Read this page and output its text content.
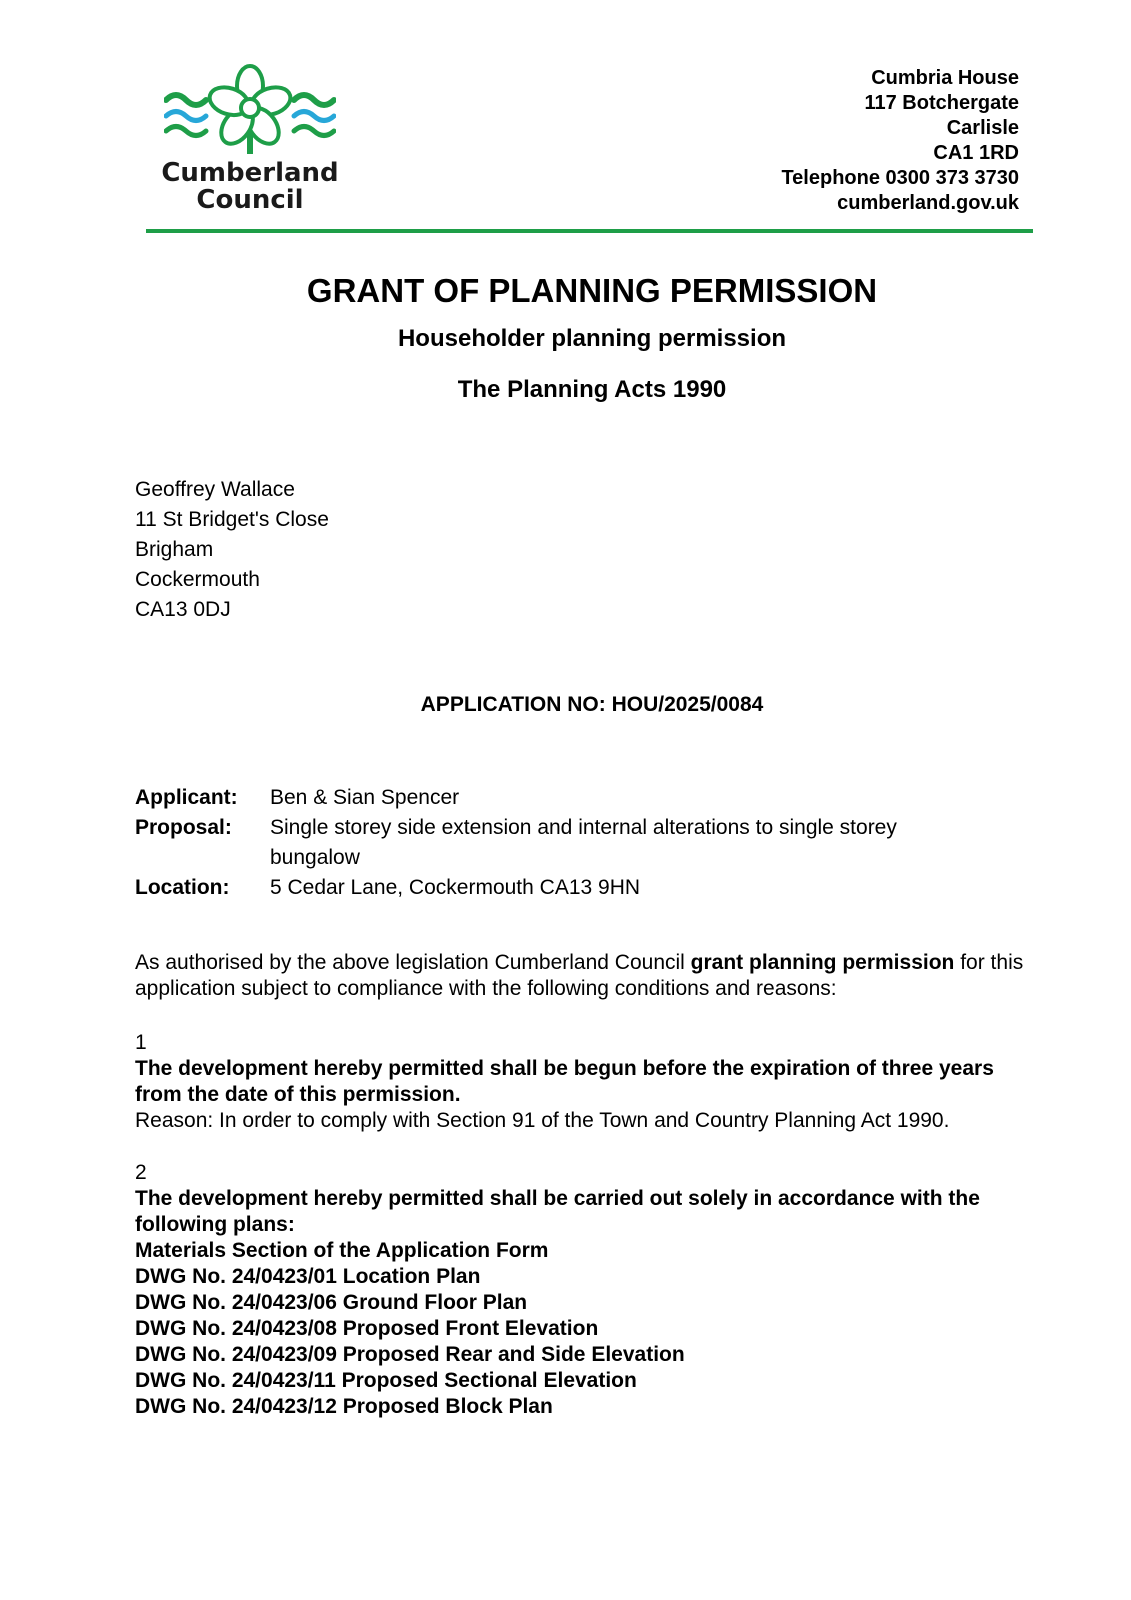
Cumberland
Council
Cumbria House
117 Botchergate
Carlisle
CA1 1RD
Telephone 0300 373 3730
cumberland.gov.uk
GRANT OF PLANNING PERMISSION
Householder planning permission
The Planning Acts 1990
Geoffrey Wallace
11 St Bridget's Close
Brigham
Cockermouth
CA13 0DJ
APPLICATION NO: HOU/2025/0084
Applicant:	Ben & Sian Spencer
Proposal:	Single storey side extension and internal alterations to single storey bungalow
Location:	5 Cedar Lane, Cockermouth CA13 9HN
As authorised by the above legislation Cumberland Council grant planning permission for this application subject to compliance with the following conditions and reasons:
1
The development hereby permitted shall be begun before the expiration of three years from the date of this permission.
Reason: In order to comply with Section 91 of the Town and Country Planning Act 1990.
2
The development hereby permitted shall be carried out solely in accordance with the following plans:
Materials Section of the Application Form
DWG No. 24/0423/01 Location Plan
DWG No. 24/0423/06 Ground Floor Plan
DWG No. 24/0423/08 Proposed Front Elevation
DWG No. 24/0423/09 Proposed Rear and Side Elevation
DWG No. 24/0423/11 Proposed Sectional Elevation
DWG No. 24/0423/12 Proposed Block Plan
